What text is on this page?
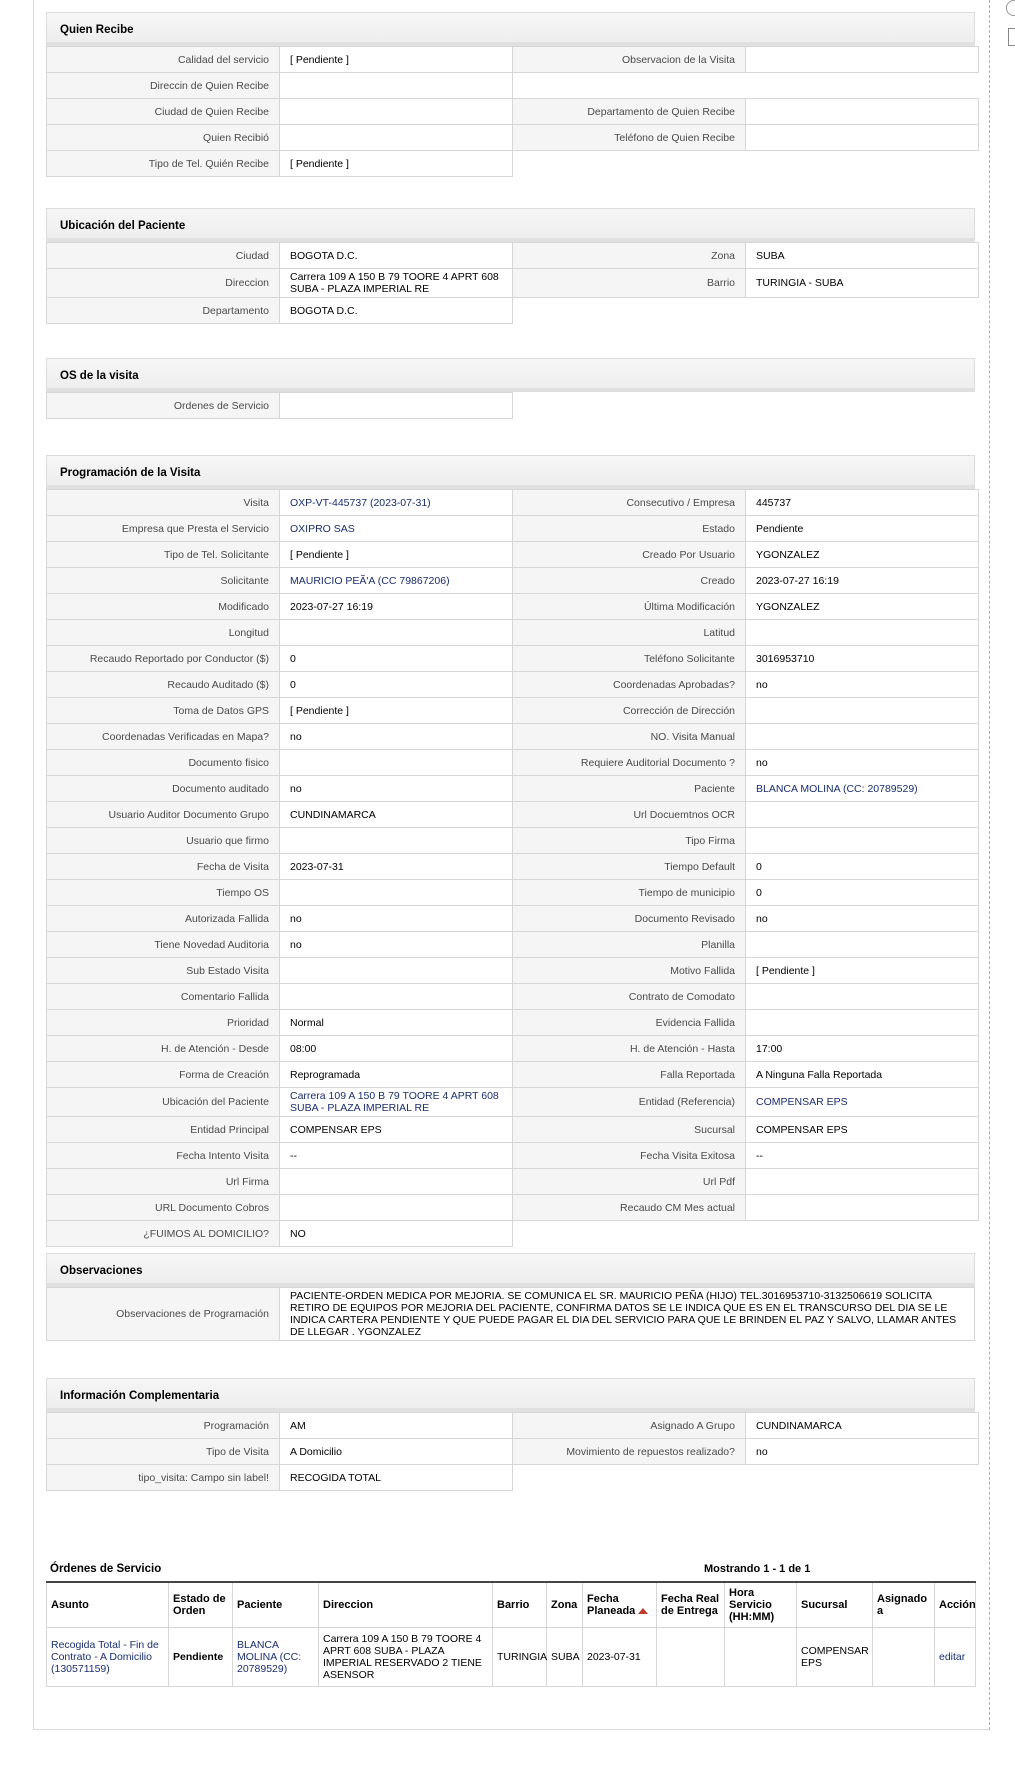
Quien Recibe
Calidad del servicio	[ Pendiente ]	Observacion de la Visita	
Direccin de Quien Recibe			
Ciudad de Quien Recibe		Departamento de Quien Recibe	
Quien Recibió		Teléfono de Quien Recibe	
Tipo de Tel. Quién Recibe	[ Pendiente ]		
Ubicación del Paciente
Ciudad	BOGOTA D.C.	Zona	SUBA
Direccion	Carrera 109 A 150 B 79 TOORE 4 APRT 608 SUBA - PLAZA IMPERIAL RE	Barrio	TURINGIA - SUBA
Departamento	BOGOTA D.C.		
OS de la visita
Ordenes de Servicio		
Programación de la Visita
Visita	OXP-VT-445737 (2023-07-31)	Consecutivo / Empresa	445737
Empresa que Presta el Servicio	OXIPRO SAS	Estado	Pendiente
Tipo de Tel. Solicitante	[ Pendiente ]	Creado Por Usuario	YGONZALEZ
Solicitante	MAURICIO PEÃ'A (CC 79867206)	Creado	2023-07-27 16:19
Modificado	2023-07-27 16:19	Última Modificación	YGONZALEZ
Longitud		Latitud	
Recaudo Reportado por Conductor ($)	0	Teléfono Solicitante	3016953710
Recaudo Auditado ($)	0	Coordenadas Aprobadas?	no
Toma de Datos GPS	[ Pendiente ]	Corrección de Dirección	
Coordenadas Verificadas en Mapa?	no	NO. Visita Manual	
Documento fisico		Requiere Auditorial Documento ?	no
Documento auditado	no	Paciente	BLANCA MOLINA (CC: 20789529)
Usuario Auditor Documento Grupo	CUNDINAMARCA	Url Docuemtnos OCR	
Usuario que firmo		Tipo Firma	
Fecha de Visita	2023-07-31	Tiempo Default	0
Tiempo OS		Tiempo de municipio	0
Autorizada Fallida	no	Documento Revisado	no
Tiene Novedad Auditoria	no	Planilla	
Sub Estado Visita		Motivo Fallida	[ Pendiente ]
Comentario Fallida		Contrato de Comodato	
Prioridad	Normal	Evidencia Fallida	
H. de Atención - Desde	08:00	H. de Atención - Hasta	17:00
Forma de Creación	Reprogramada	Falla Reportada	A Ninguna Falla Reportada
Ubicación del Paciente	Carrera 109 A 150 B 79 TOORE 4 APRT 608 SUBA - PLAZA IMPERIAL RE	Entidad (Referencia)	COMPENSAR EPS
Entidad Principal	COMPENSAR EPS	Sucursal	COMPENSAR EPS
Fecha Intento Visita	--	Fecha Visita Exitosa	--
Url Firma		Url Pdf	
URL Documento Cobros		Recaudo CM Mes actual	
¿FUIMOS AL DOMICILIO?	NO		
Observaciones
Observaciones de Programación	PACIENTE-ORDEN MEDICA POR MEJORIA. SE COMUNICA EL SR. MAURICIO PEÑA (HIJO) TEL.3016953710-3132506619 SOLICITA RETIRO DE EQUIPOS POR MEJORIA DEL PACIENTE, CONFIRMA DATOS SE LE INDICA QUE ES EN EL TRANSCURSO DEL DIA SE LE INDICA CARTERA PENDIENTE Y QUE PUEDE PAGAR EL DIA DEL SERVICIO PARA QUE LE BRINDEN EL PAZ Y SALVO, LLAMAR ANTES DE LLEGAR . YGONZALEZ
Información Complementaria
Programación	AM	Asignado A Grupo	CUNDINAMARCA
Tipo de Visita	A Domicilio	Movimiento de repuestos realizado?	no
tipo_visita: Campo sin label!	RECOGIDA TOTAL		
Órdenes de Servicio	Mostrando 1 - 1 de 1
Asunto	Estado de Orden	Paciente	Direccion	Barrio	Zona	Fecha Planeada	Fecha Real de Entrega	Hora Servicio (HH:MM)	Sucursal	Asignado a	Acción
Recogida Total - Fin de Contrato - A Domicilio (130571159)	Pendiente	BLANCA MOLINA (CC: 20789529)	Carrera 109 A 150 B 79 TOORE 4 APRT 608 SUBA - PLAZA IMPERIAL RESERVADO 2 TIENE ASENSOR	TURINGIA	SUBA	2023-07-31			COMPENSAR EPS		editar
